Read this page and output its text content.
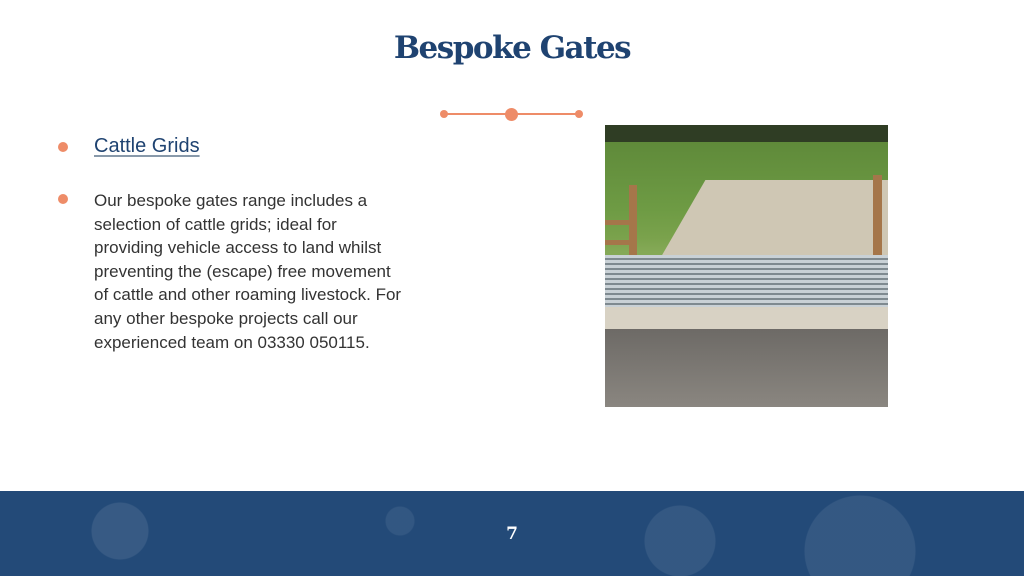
Bespoke Gates
Cattle Grids
Our bespoke gates range includes a
selection of cattle grids; ideal for
providing vehicle access to land whilst
preventing the (escape) free movement
of cattle and other roaming livestock. For
any other bespoke projects call our
experienced team on 03330 050115.
7
